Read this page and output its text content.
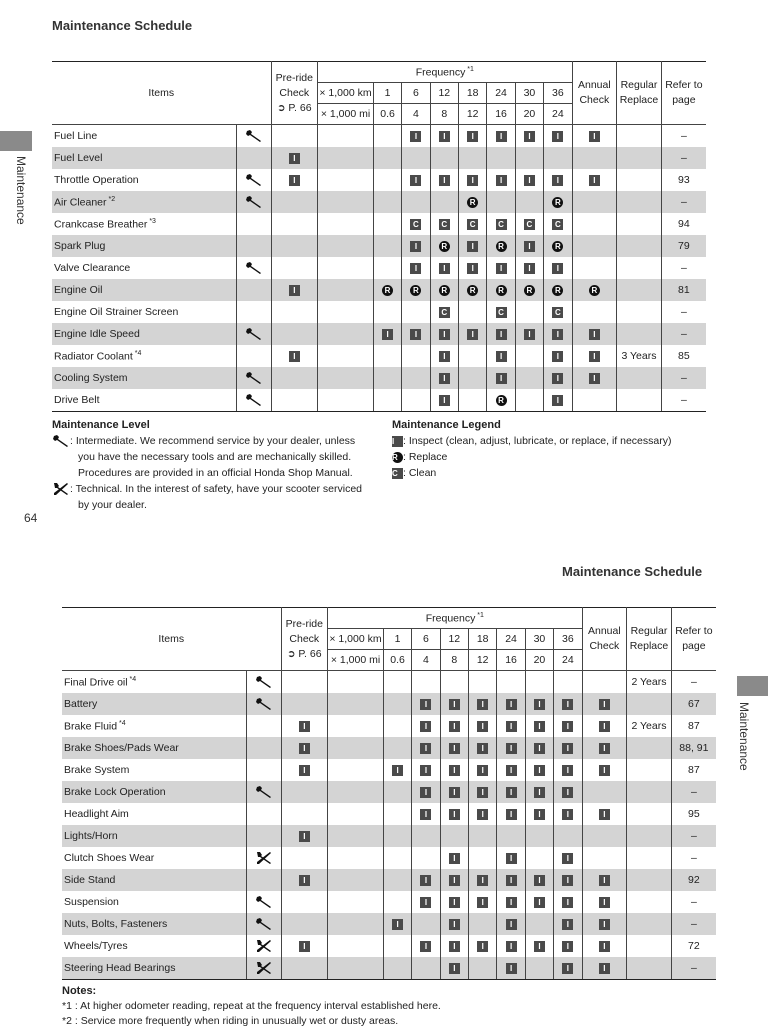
Maintenance Schedule
Maintenance
64
Items		Pre-ride
Check
➲ P. 66	Frequency $^{*1}$								Annual
Check	Regular
Replace	Refer to
page
			× 1,000 km	1	6	12	18	24	30	36			
			× 1,000 mi	0.6	4	8	12	16	20	24			
Fuel Line					I	I	I	I	I	I	I		–
Fuel Level		I											–
Throttle Operation		I			I	I	I	I	I	I	I		93
Air Cleaner $^{*2}$							R			R			–
Crankcase Breather $^{*3}$					C	C	C	C	C	C			94
Spark Plug					I	R	I	R	I	R			79
Valve Clearance					I	I	I	I	I	I			–
Engine Oil		I		R	R	R	R	R	R	R	R		81
Engine Oil Strainer Screen						C		C		C			–
Engine Idle Speed				I	I	I	I	I	I	I	I		–
Radiator Coolant $^{*4}$		I				I		I		I	I	3 Years	85
Cooling System						I		I		I	I		–
Drive Belt						I		R		I			–
Maintenance Level
: Intermediate. We recommend service by your dealer, unless
you have the necessary tools and are mechanically skilled.
Procedures are provided in an official Honda Shop Manual.
: Technical. In the interest of safety, have your scooter serviced
by your dealer.
Maintenance Legend
I : Inspect (clean, adjust, lubricate, or replace, if necessary)
R : Replace
C : Clean
Maintenance Schedule
Maintenance
Items		Pre-ride
Check
➲ P. 66	Frequency $^{*1}$								Annual
Check	Regular
Replace	Refer to
page
			× 1,000 km	1	6	12	18	24	30	36			
			× 1,000 mi	0.6	4	8	12	16	20	24			
Final Drive oil $^{*4}$												2 Years	–
Battery					I	I	I	I	I	I	I		67
Brake Fluid $^{*4}$		I			I	I	I	I	I	I	I	2 Years	87
Brake Shoes/Pads Wear		I			I	I	I	I	I	I	I		88, 91
Brake System		I		I	I	I	I	I	I	I	I		87
Brake Lock Operation					I	I	I	I	I	I			–
Headlight Aim					I	I	I	I	I	I	I		95
Lights/Horn		I											–
Clutch Shoes Wear						I		I		I			–
Side Stand		I			I	I	I	I	I	I	I		92
Suspension					I	I	I	I	I	I	I		–
Nuts, Bolts, Fasteners				I		I		I		I	I		–
Wheels/Tyres		I			I	I	I	I	I	I	I		72
Steering Head Bearings						I		I		I	I		–
Notes:
*1 : At higher odometer reading, repeat at the frequency interval established here.
*2 : Service more frequently when riding in unusually wet or dusty areas.
